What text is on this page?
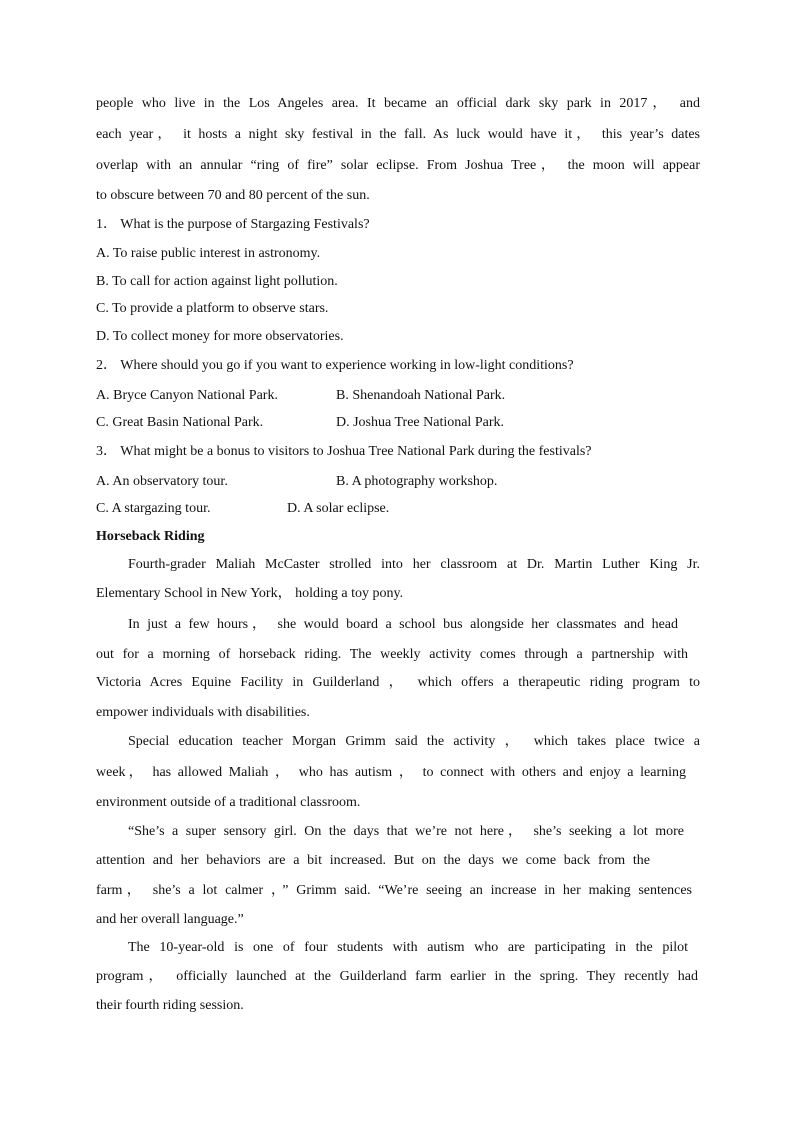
people who live in the Los Angeles area. It became an official dark sky park in 2017， and
each year， it hosts a night sky festival in the fall. As luck would have it， this year’s dates
overlap with an annular “ring of fire” solar eclipse. From Joshua Tree， the moon will appear
to obscure between 70 and 80 percent of the sun.
1． What is the purpose of Stargazing Festivals?
A. To raise public interest in astronomy.
B. To call for action against light pollution.
C. To provide a platform to observe stars.
D. To collect money for more observatories.
2． Where should you go if you want to experience working in low-light conditions?
A. Bryce Canyon National Park.	B. Shenandoah National Park.
C. Great Basin National Park.	D. Joshua Tree National Park.
3． What might be a bonus to visitors to Joshua Tree National Park during the festivals?
A. An observatory tour.	B. A photography workshop.
C. A stargazing tour.	D. A solar eclipse.
Horseback Riding
Fourth-grader Maliah McCaster strolled into her classroom at Dr. Martin Luther King Jr.
Elementary School in New York， holding a toy pony.
In just a few hours， she would board a school bus alongside her classmates and head
out for a morning of horseback riding. The weekly activity comes through a partnership with
Victoria Acres Equine Facility in Guilderland ， which offers a therapeutic riding program to
empower individuals with disabilities.
Special education teacher Morgan Grimm said the activity ， which takes place twice a
week， has allowed Maliah ， who has autism ， to connect with others and enjoy a learning
environment outside of a traditional classroom.
“She’s a super sensory girl. On the days that we’re not here， she’s seeking a lot more
attention and her behaviors are a bit increased. But on the days we come back from the
farm， she’s a lot calmer ，” Grimm said. “We’re seeing an increase in her making sentences
and her overall language.”
The 10-year-old is one of four students with autism who are participating in the pilot
program， officially launched at the Guilderland farm earlier in the spring. They recently had
their fourth riding session.
